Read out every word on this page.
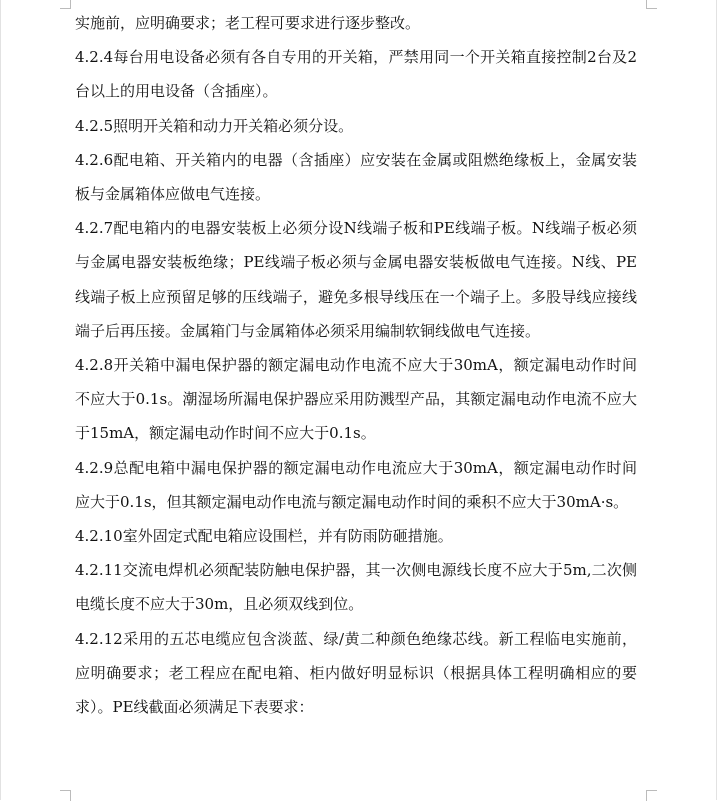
实施前，应明确要求；老工程可要求进行逐步整改。

4.2.4每台用电设备必须有各自专用的开关箱，严禁用同一个开关箱直接控制2台及2台以上的用电设备（含插座）。

4.2.5照明开关箱和动力开关箱必须分设。

4.2.6配电箱、开关箱内的电器（含插座）应安装在金属或阻燃绝缘板上，金属安装板与金属箱体应做电气连接。

4.2.7配电箱内的电器安装板上必须分设N线端子板和PE线端子板。N线端子板必须与金属电器安装板绝缘；PE线端子板必须与金属电器安装板做电气连接。N线、PE线端子板上应预留足够的压线端子，避免多根导线压在一个端子上。多股导线应接线端子后再压接。金属箱门与金属箱体必须采用编制软铜线做电气连接。

4.2.8开关箱中漏电保护器的额定漏电动作电流不应大于30mA，额定漏电动作时间不应大于0.1s。潮湿场所漏电保护器应采用防溅型产品，其额定漏电动作电流不应大于15mA，额定漏电动作时间不应大于0.1s。

4.2.9总配电箱中漏电保护器的额定漏电动作电流应大于30mA，额定漏电动作时间应大于0.1s，但其额定漏电动作电流与额定漏电动作时间的乘积不应大于30mA·s。

4.2.10室外固定式配电箱应设围栏，并有防雨防砸措施。

4.2.11交流电焊机必须配装防触电保护器，其一次侧电源线长度不应大于5m,二次侧电缆长度不应大于30m，且必须双线到位。

4.2.12采用的五芯电缆应包含淡蓝、绿/黄二种颜色绝缘芯线。新工程临电实施前，应明确要求；老工程应在配电箱、柜内做好明显标识（根据具体工程明确相应的要求）。PE线截面必须满足下表要求：
